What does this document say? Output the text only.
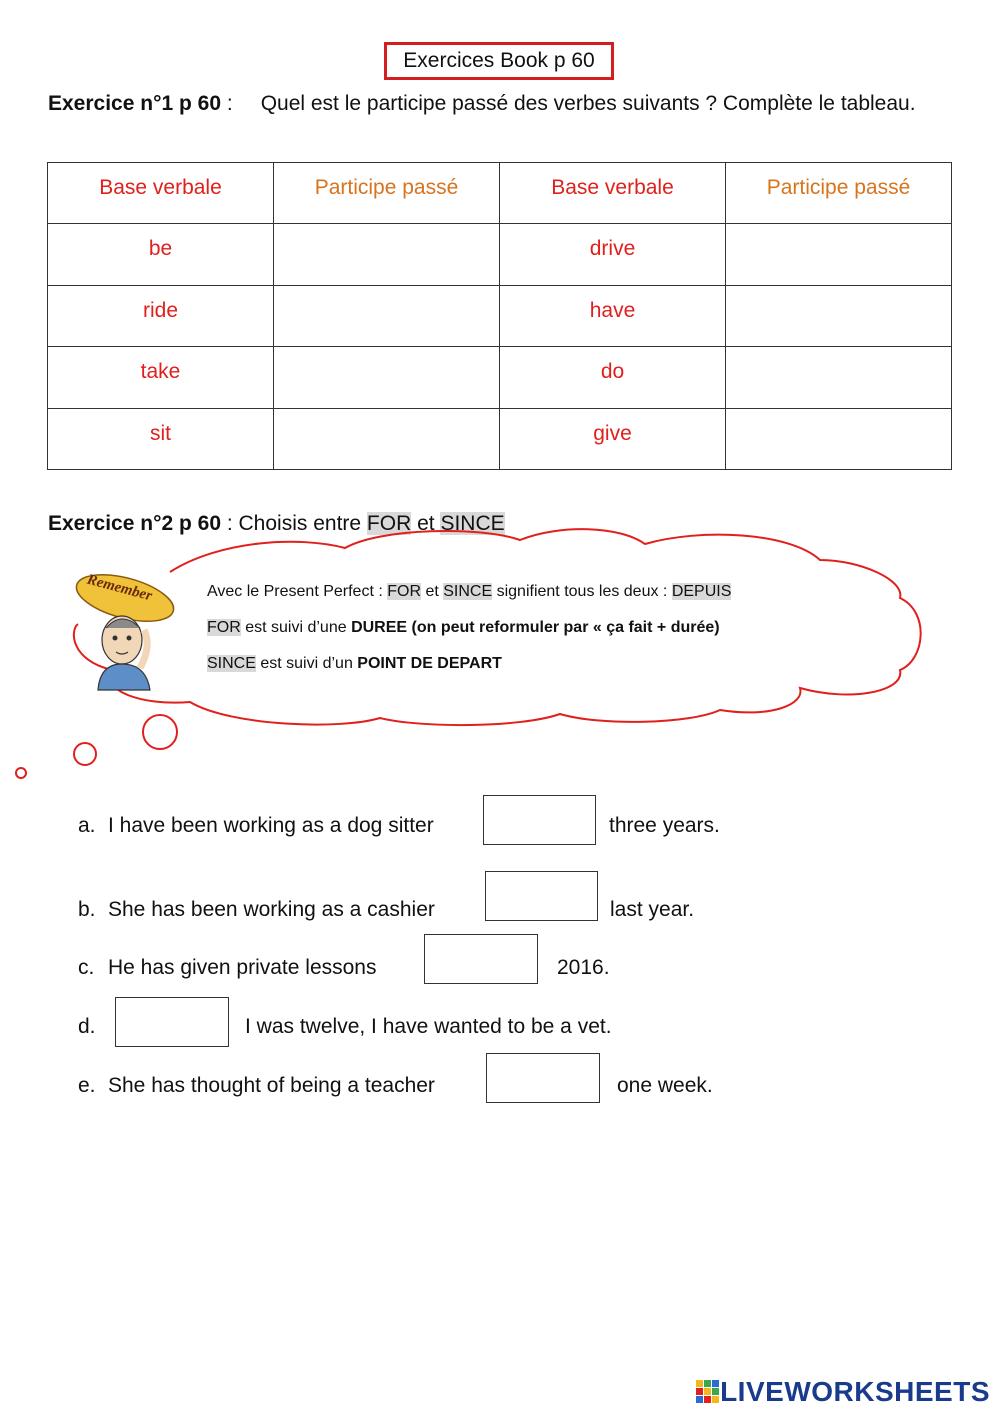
Exercices Book p 60
Exercice n°1 p 60 : Quel est le participe passé des verbes suivants ? Complète le tableau.
Base verbale	Participe passé	Base verbale	Participe passé
be		drive	
ride		have	
take		do	
sit		give	
Exercice n°2 p 60 : Choisis entre FOR et SINCE
Remember	Avec le Present Perfect : FOR et SINCE signifient tous les deux : DEPUIS
FOR est suivi d’une DUREE (on peut reformuler par « ça fait + durée)
SINCE est suivi d’un POINT DE DEPART
a. I have been working as a dog sitter	three years.
b. She has been working as a cashier	last year.
c. He has given private lessons	2016.
d.	I was twelve, I have wanted to be a vet.
e. She has thought of being a teacher	one week.
LIVEWORKSHEETS
